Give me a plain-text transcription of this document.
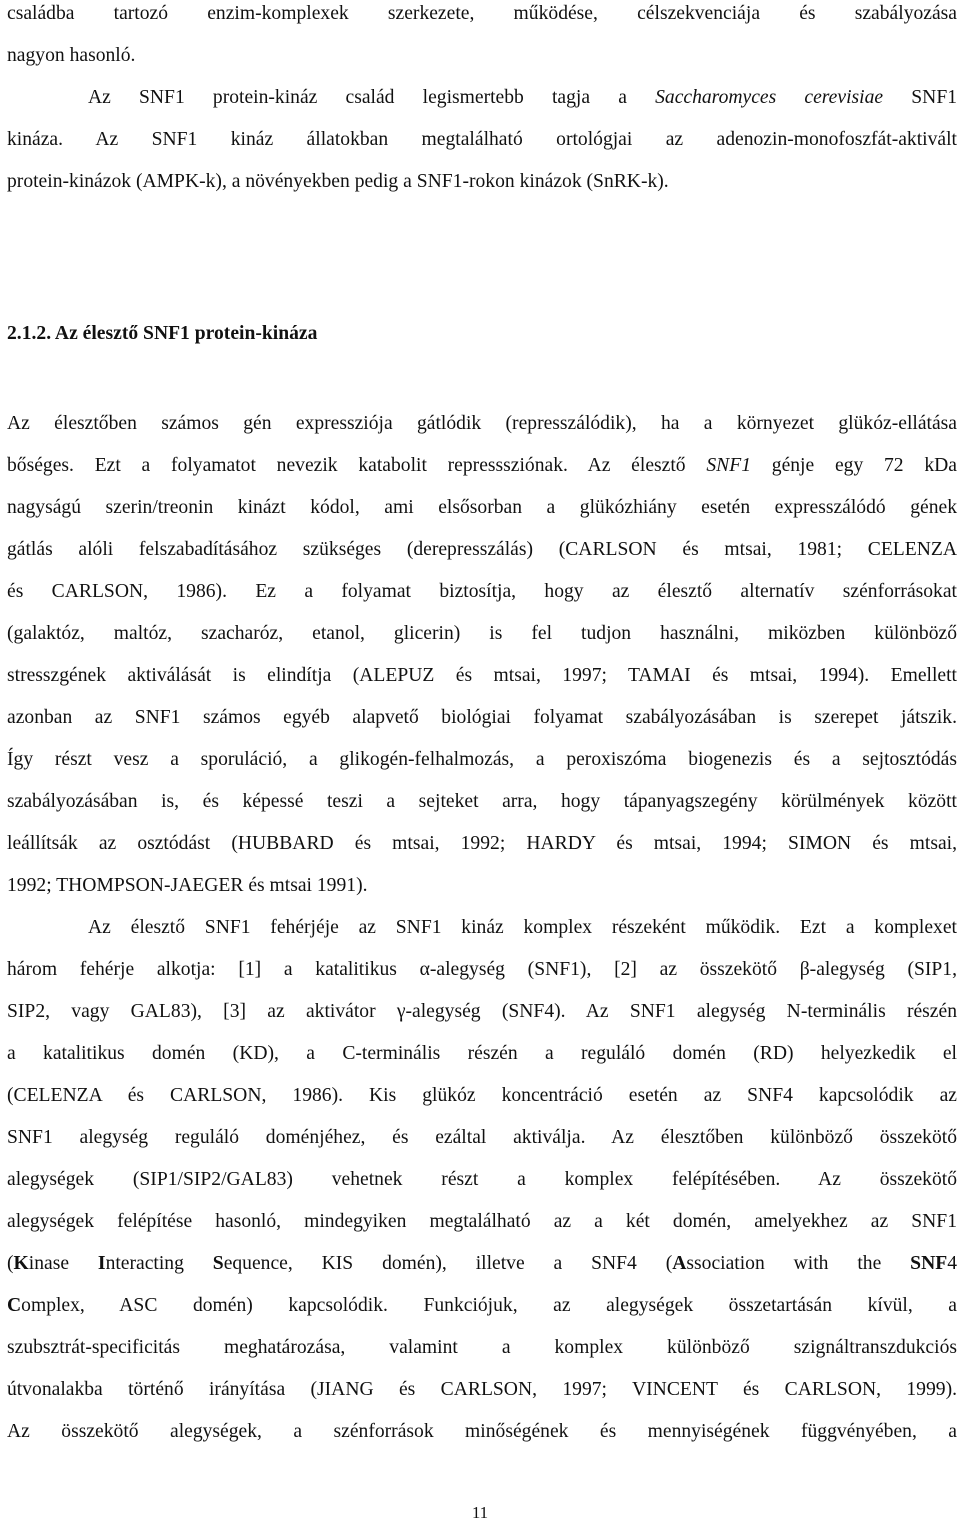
családba tartozó enzim-komplexek szerkezete, működése, célszekvenciája és szabályozása
nagyon hasonló.
Az SNF1 protein-kináz család legismertebb tagja a Saccharomyces cerevisiae SNF1
kináza. Az SNF1 kináz állatokban megtalálható ortológjai az adenozin-monofoszfát-aktivált
protein-kinázok (AMPK-k), a növényekben pedig a SNF1-rokon kinázok (SnRK-k).
2.1.2. Az élesztő SNF1 protein-kináza
Az élesztőben számos gén expressziója gátlódik (represszálódik), ha a környezet glükóz-ellátása
bőséges. Ezt a folyamatot nevezik katabolit represssziónak. Az élesztő SNF1 génje egy 72 kDa
nagyságú szerin/treonin kinázt kódol, ami elsősorban a glükózhiány esetén expresszálódó gének
gátlás alóli felszabadításához szükséges (derepresszálás) (CARLSON és mtsai, 1981; CELENZA
és CARLSON, 1986). Ez a folyamat biztosítja, hogy az élesztő alternatív szénforrásokat
(galaktóz, maltóz, szacharóz, etanol, glicerin) is fel tudjon használni, miközben különböző
stresszgének aktiválását is elindítja (ALEPUZ és mtsai, 1997; TAMAI és mtsai, 1994). Emellett
azonban az SNF1 számos egyéb alapvető biológiai folyamat szabályozásában is szerepet játszik.
Így részt vesz a sporuláció, a glikogén-felhalmozás, a peroxiszóma biogenezis és a sejtosztódás
szabályozásában is, és képessé teszi a sejteket arra, hogy tápanyagszegény körülmények között
leállítsák az osztódást (HUBBARD és mtsai, 1992; HARDY és mtsai, 1994; SIMON és mtsai,
1992; THOMPSON-JAEGER és mtsai 1991).
Az élesztő SNF1 fehérjéje az SNF1 kináz komplex részeként működik. Ezt a komplexet
három fehérje alkotja: [1] a katalitikus α-alegység (SNF1), [2] az összekötő β-alegység (SIP1,
SIP2, vagy GAL83), [3] az aktivátor γ-alegység (SNF4). Az SNF1 alegység N-terminális részén
a katalitikus domén (KD), a C-terminális részén a reguláló domén (RD) helyezkedik el
(CELENZA és CARLSON, 1986). Kis glükóz koncentráció esetén az SNF4 kapcsolódik az
SNF1 alegység reguláló doménjéhez, és ezáltal aktiválja. Az élesztőben különböző összekötő
alegységek (SIP1/SIP2/GAL83) vehetnek részt a komplex felépítésében. Az összekötő
alegységek felépítése hasonló, mindegyiken megtalálható az a két domén, amelyekhez az SNF1
(Kinase Interacting Sequence, KIS domén), illetve a SNF4 (Association with the SNF4
Complex, ASC domén) kapcsolódik. Funkciójuk, az alegységek összetartásán kívül, a
szubsztrát-specificitás meghatározása, valamint a komplex különböző szignáltranszdukciós
útvonalakba történő irányítása (JIANG és CARLSON, 1997; VINCENT és CARLSON, 1999).
Az összekötő alegységek, a szénforrások minőségének és mennyiségének függvényében, a
11
